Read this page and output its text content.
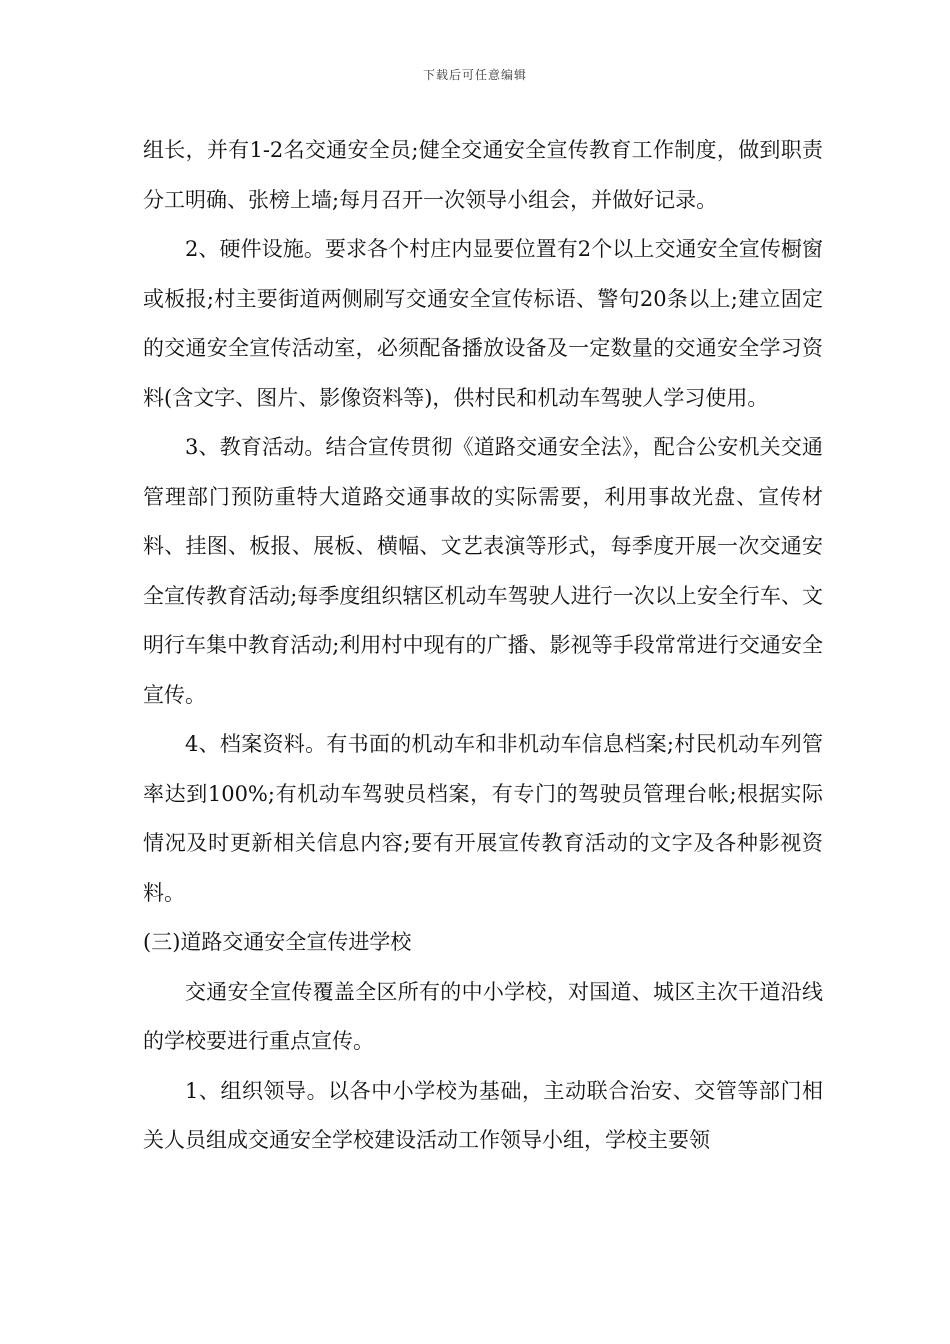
下载后可任意编辑

组长，并有1-2名交通安全员;健全交通安全宣传教育工作制度，做到职责分工明确、张榜上墙;每月召开一次领导小组会，并做好记录。

2、硬件设施。要求各个村庄内显要位置有2个以上交通安全宣传橱窗或板报;村主要街道两侧刷写交通安全宣传标语、警句20条以上;建立固定的交通安全宣传活动室，必须配备播放设备及一定数量的交通安全学习资料(含文字、图片、影像资料等)，供村民和机动车驾驶人学习使用。

3、教育活动。结合宣传贯彻《道路交通安全法》，配合公安机关交通管理部门预防重特大道路交通事故的实际需要，利用事故光盘、宣传材料、挂图、板报、展板、横幅、文艺表演等形式，每季度开展一次交通安全宣传教育活动;每季度组织辖区机动车驾驶人进行一次以上安全行车、文明行车集中教育活动;利用村中现有的广播、影视等手段常常进行交通安全宣传。

4、档案资料。有书面的机动车和非机动车信息档案;村民机动车列管率达到100%;有机动车驾驶员档案，有专门的驾驶员管理台帐;根据实际情况及时更新相关信息内容;要有开展宣传教育活动的文字及各种影视资料。

(三)道路交通安全宣传进学校

交通安全宣传覆盖全区所有的中小学校，对国道、城区主次干道沿线的学校要进行重点宣传。

1、组织领导。以各中小学校为基础，主动联合治安、交管等部门相关人员组成交通安全学校建设活动工作领导小组，学校主要领
